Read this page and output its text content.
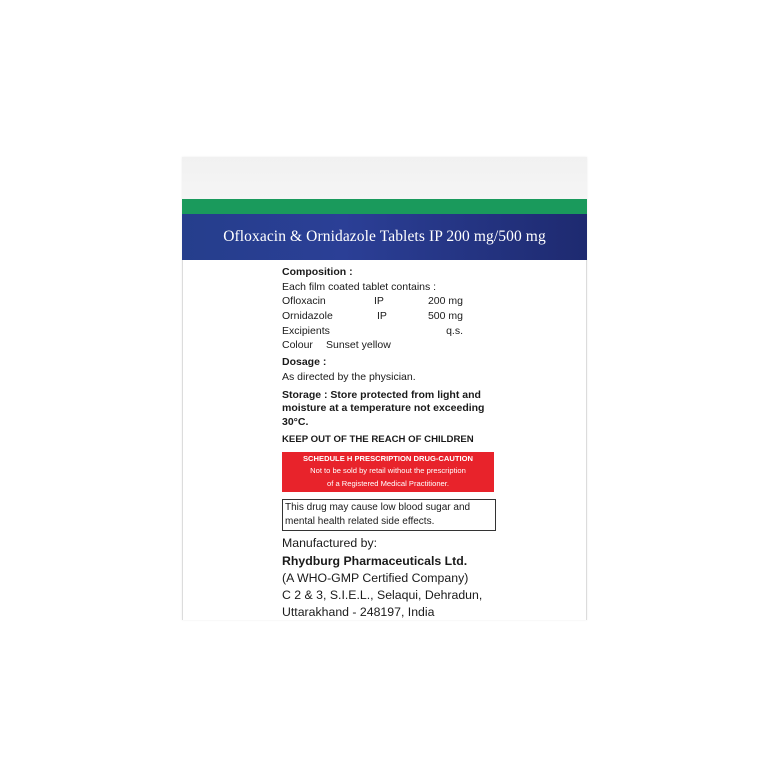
Ofloxacin & Ornidazole Tablets IP 200 mg/500 mg
Composition :
Each film coated tablet contains :
Ofloxacin	IP	200 mg
Ornidazole	IP	500 mg
Excipients	q.s.
Colour Sunset yellow
Dosage :
As directed by the physician.
Storage : Store protected from light and moisture at a temperature not exceeding 30°C.
KEEP OUT OF THE REACH OF CHILDREN
SCHEDULE H PRESCRIPTION DRUG-CAUTION
Not to be sold by retail without the prescription
of a Registered Medical Practitioner.
This drug may cause low blood sugar and mental health related side effects.
Manufactured by:
Rhydburg Pharmaceuticals Ltd.
(A WHO-GMP Certified Company)
C 2 & 3, S.I.E.L., Selaqui, Dehradun,
Uttarakhand - 248197, India
